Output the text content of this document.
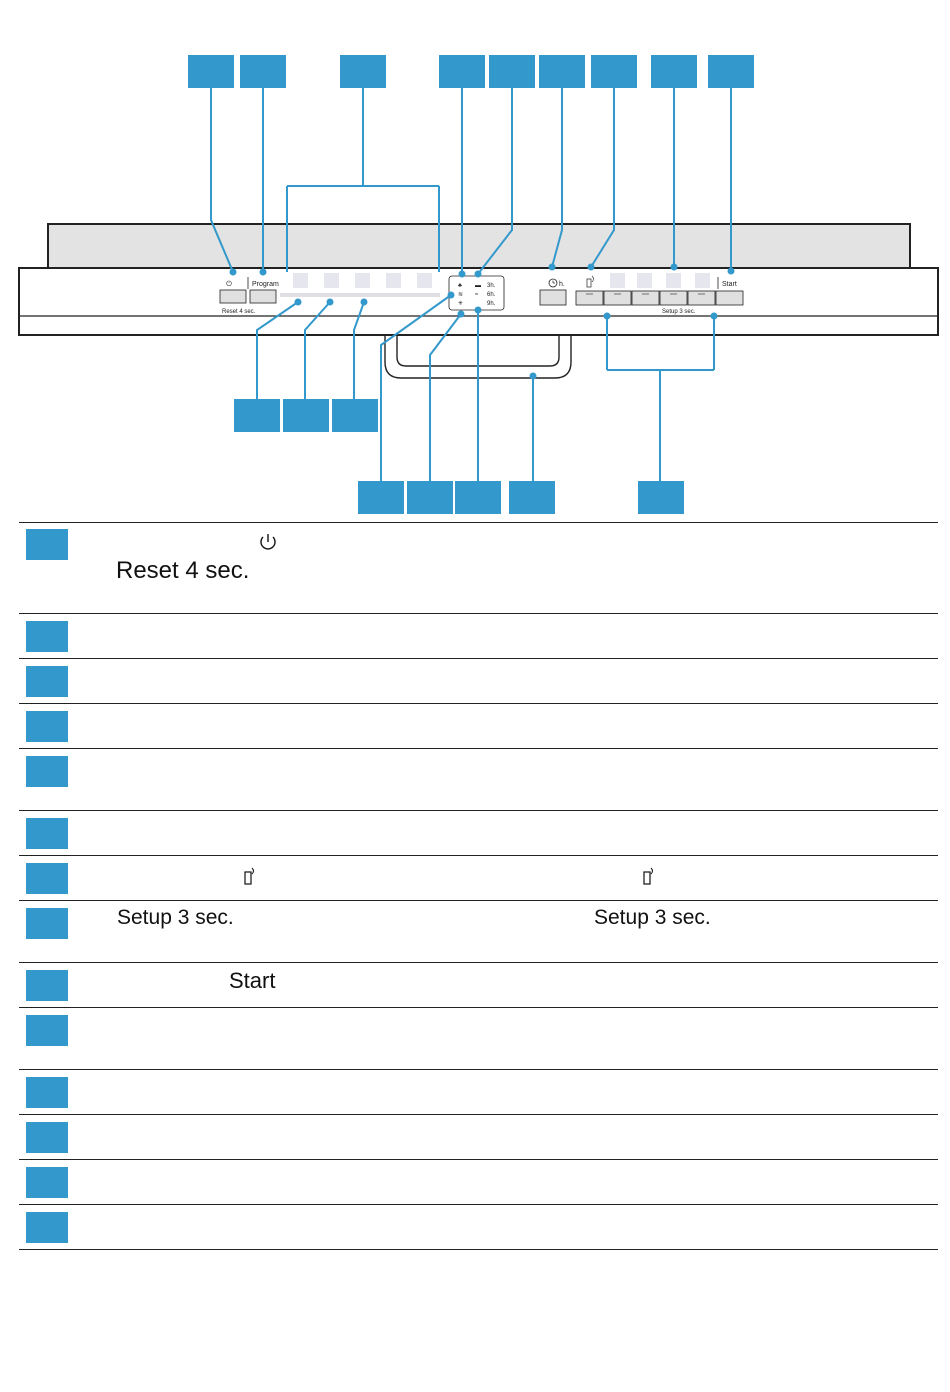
⏻	Program
Reset 4 sec.
♣
≋
✳
▬
≈
3h.
6h.
9h.
h.	Start
Setup 3 sec.
Reset 4 sec.
Setup 3 sec.	Setup 3 sec.
Start
